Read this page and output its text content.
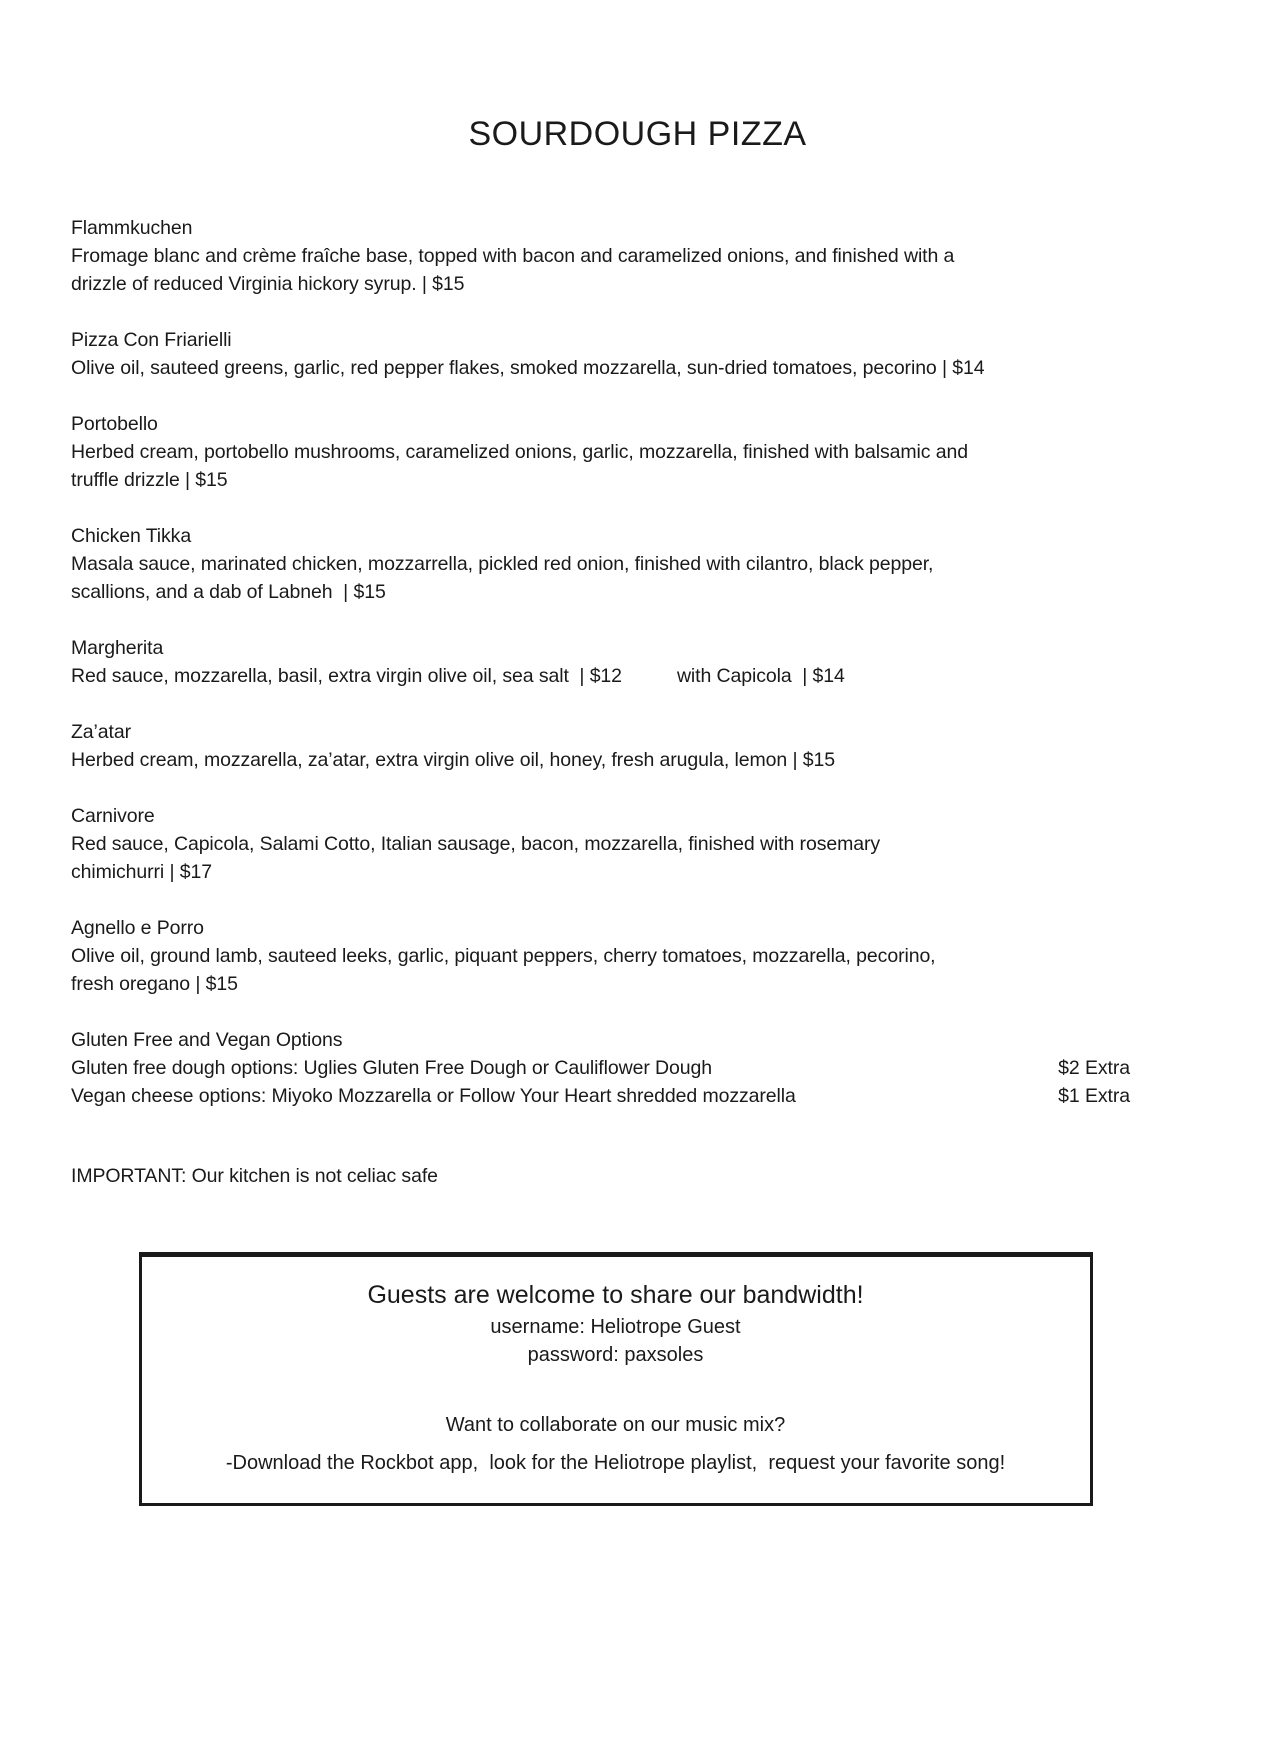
SOURDOUGH PIZZA
Flammkuchen
Fromage blanc and crème fraîche base, topped with bacon and caramelized onions, and finished with a
drizzle of reduced Virginia hickory syrup. | $15
Pizza Con Friarielli
Olive oil, sauteed greens, garlic, red pepper flakes, smoked mozzarella, sun-dried tomatoes, pecorino | $14
Portobello
Herbed cream, portobello mushrooms, caramelized onions, garlic, mozzarella, finished with balsamic and
truffle drizzle | $15
Chicken Tikka
Masala sauce, marinated chicken, mozzarrella, pickled red onion, finished with cilantro, black pepper,
scallions, and a dab of Labneh  | $15
Margherita
Red sauce, mozzarella, basil, extra virgin olive oil, sea salt  | $12	with Capicola  | $14
Za’atar
Herbed cream, mozzarella, za’atar, extra virgin olive oil, honey, fresh arugula, lemon | $15
Carnivore
Red sauce, Capicola, Salami Cotto, Italian sausage, bacon, mozzarella, finished with rosemary
chimichurri | $17
Agnello e Porro
Olive oil, ground lamb, sauteed leeks, garlic, piquant peppers, cherry tomatoes, mozzarella, pecorino,
fresh oregano | $15
Gluten Free and Vegan Options
Gluten free dough options: Uglies Gluten Free Dough or Cauliflower Dough	$2 Extra
Vegan cheese options: Miyoko Mozzarella or Follow Your Heart shredded mozzarella	$1 Extra
IMPORTANT: Our kitchen is not celiac safe
Guests are welcome to share our bandwidth!
username: Heliotrope Guest
password: paxsoles
Want to collaborate on our music mix?
-Download the Rockbot app,  look for the Heliotrope playlist,  request your favorite song!
